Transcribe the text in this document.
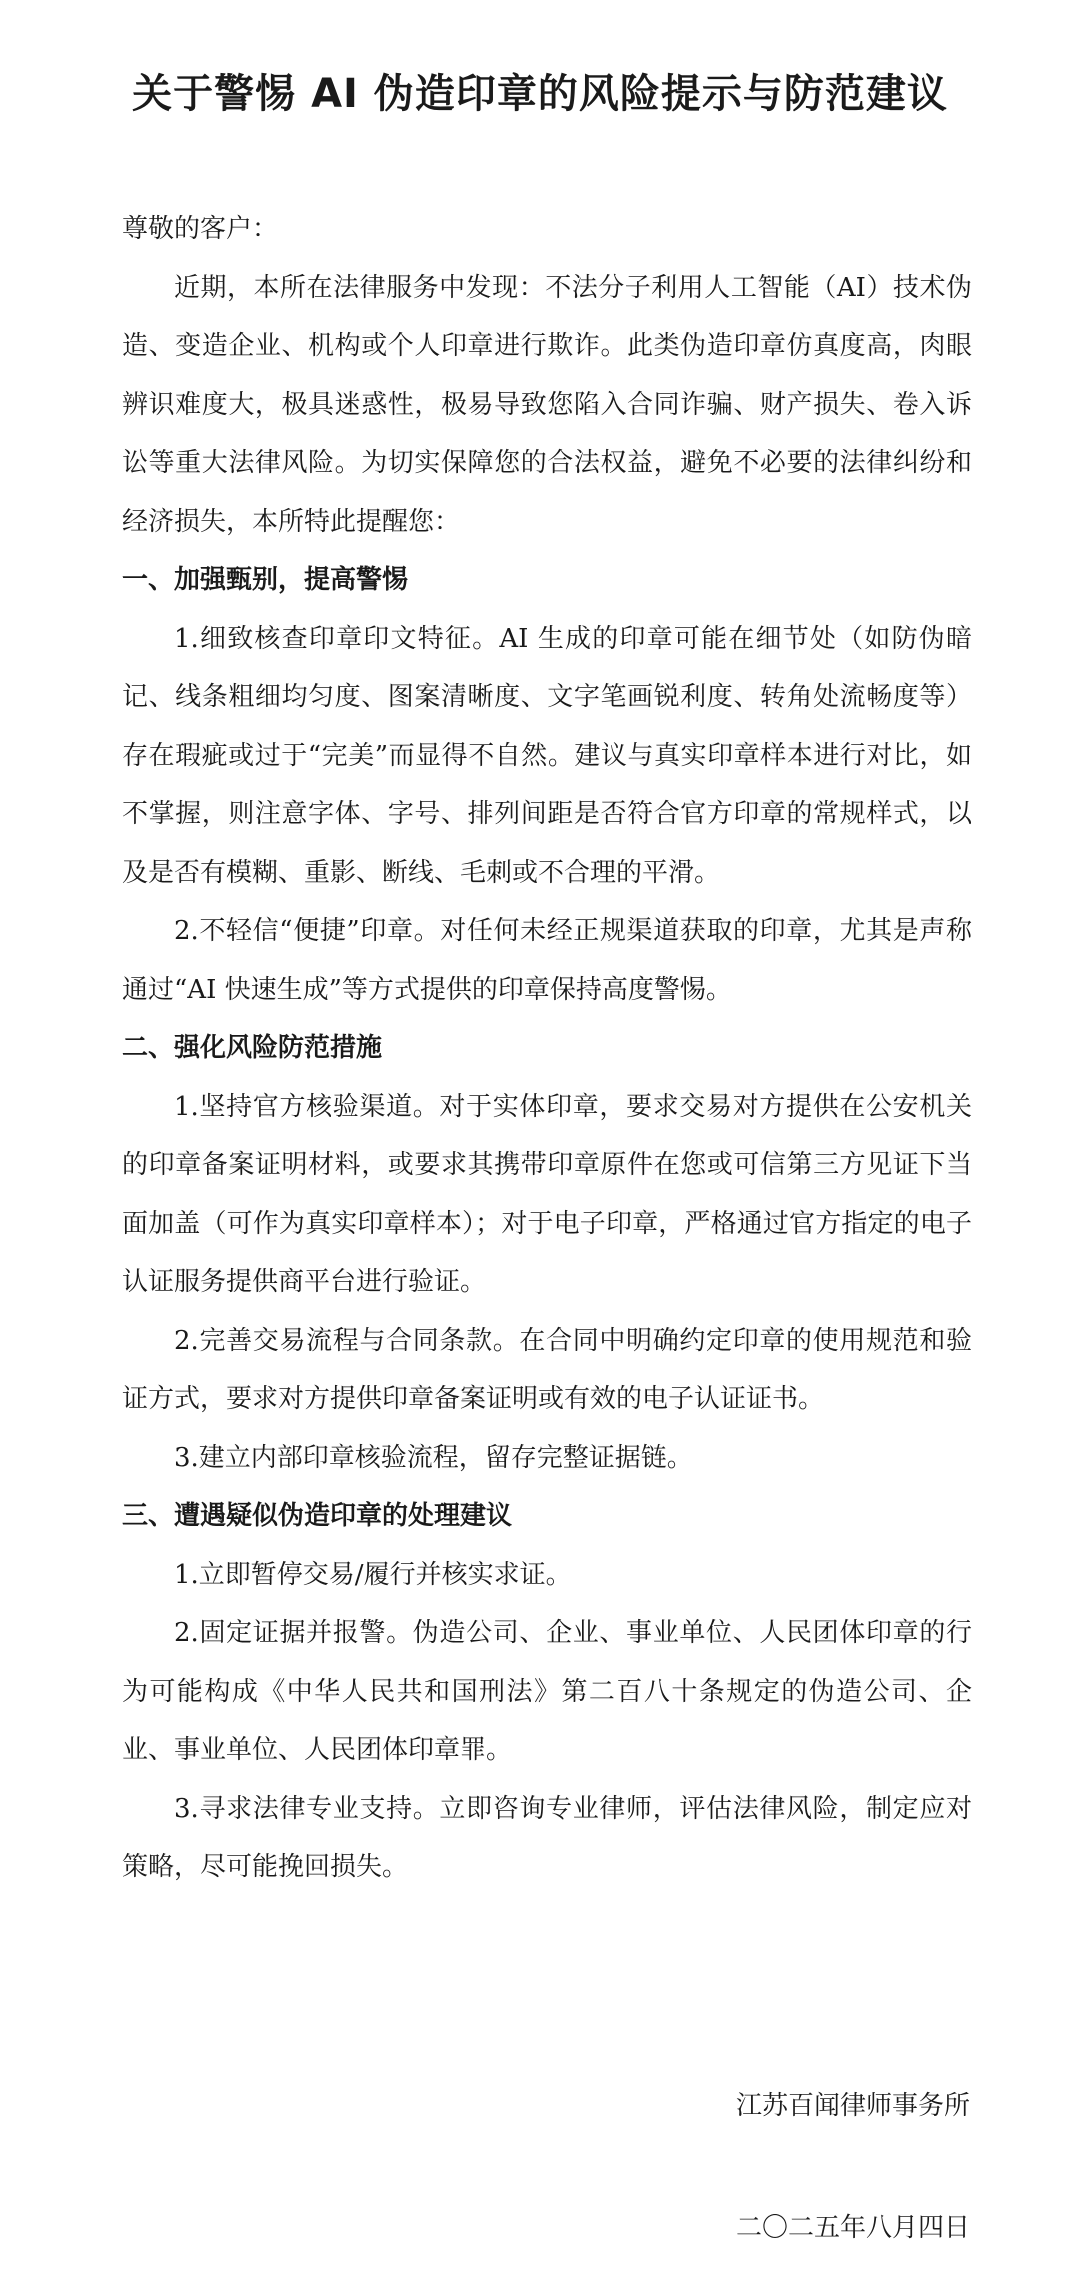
关于警惕 AI 伪造印章的风险提示与防范建议

尊敬的客户：

近期，本所在法律服务中发现：不法分子利用人工智能（AI）技术伪造、变造企业、机构或个人印章进行欺诈。此类伪造印章仿真度高，肉眼辨识难度大，极具迷惑性，极易导致您陷入合同诈骗、财产损失、卷入诉讼等重大法律风险。为切实保障您的合法权益，避免不必要的法律纠纷和经济损失，本所特此提醒您：

一、加强甄别，提高警惕

1.细致核查印章印文特征。AI 生成的印章可能在细节处（如防伪暗记、线条粗细均匀度、图案清晰度、文字笔画锐利度、转角处流畅度等）存在瑕疵或过于“完美”而显得不自然。建议与真实印章样本进行对比，如不掌握，则注意字体、字号、排列间距是否符合官方印章的常规样式，以及是否有模糊、重影、断线、毛刺或不合理的平滑。

2.不轻信“便捷”印章。对任何未经正规渠道获取的印章，尤其是声称通过“AI 快速生成”等方式提供的印章保持高度警惕。

二、强化风险防范措施

1.坚持官方核验渠道。对于实体印章，要求交易对方提供在公安机关的印章备案证明材料，或要求其携带印章原件在您或可信第三方见证下当面加盖（可作为真实印章样本）；对于电子印章，严格通过官方指定的电子认证服务提供商平台进行验证。

2.完善交易流程与合同条款。在合同中明确约定印章的使用规范和验证方式，要求对方提供印章备案证明或有效的电子认证证书。

3.建立内部印章核验流程，留存完整证据链。

三、遭遇疑似伪造印章的处理建议

1.立即暂停交易/履行并核实求证。

2.固定证据并报警。伪造公司、企业、事业单位、人民团体印章的行为可能构成《中华人民共和国刑法》第二百八十条规定的伪造公司、企业、事业单位、人民团体印章罪。

3.寻求法律专业支持。立即咨询专业律师，评估法律风险，制定应对策略，尽可能挽回损失。

江苏百闻律师事务所
二〇二五年八月四日
